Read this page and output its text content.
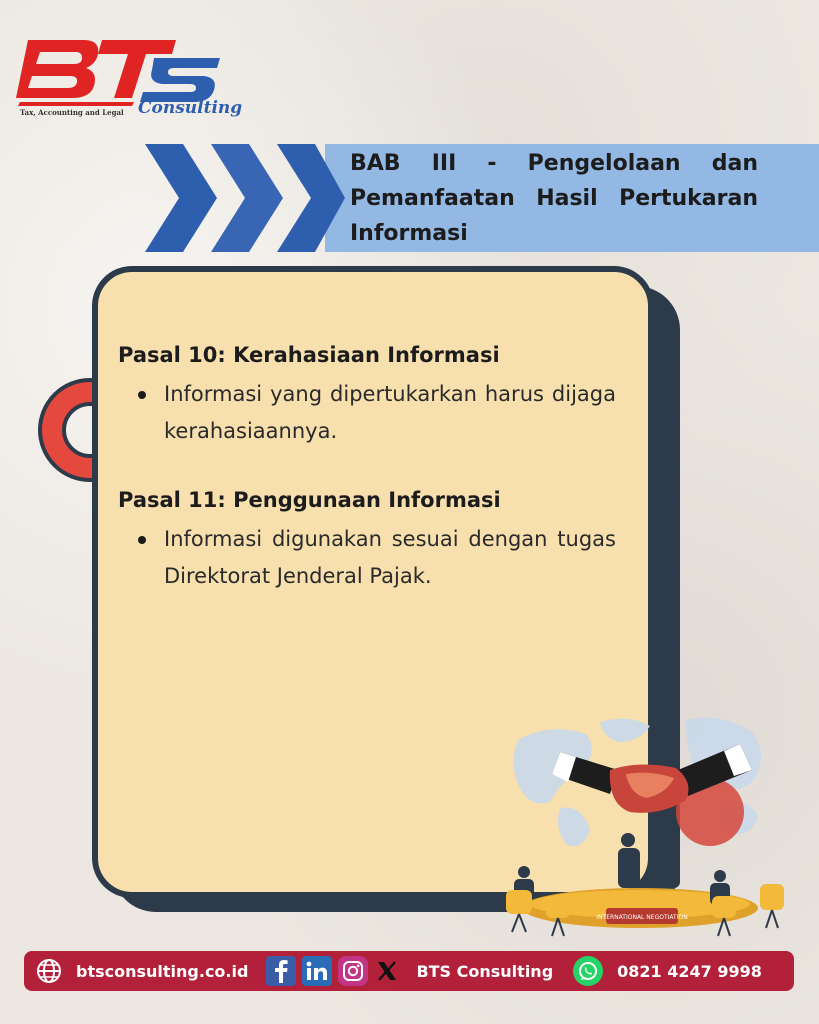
Tax, Accounting and Legal Consulting

BAB III - Pengelolaan dan Pemanfaatan Hasil Pertukaran Informasi

Pasal 10: Kerahasiaan Informasi

Informasi yang dipertukarkan harus dijaga kerahasiaannya.

Pasal 11: Penggunaan Informasi

Informasi digunakan sesuai dengan tugas Direktorat Jenderal Pajak.

INTERNATIONAL NEGOTIATION
btsconsulting.co.id	BTS Consulting	0821 4247 9998
